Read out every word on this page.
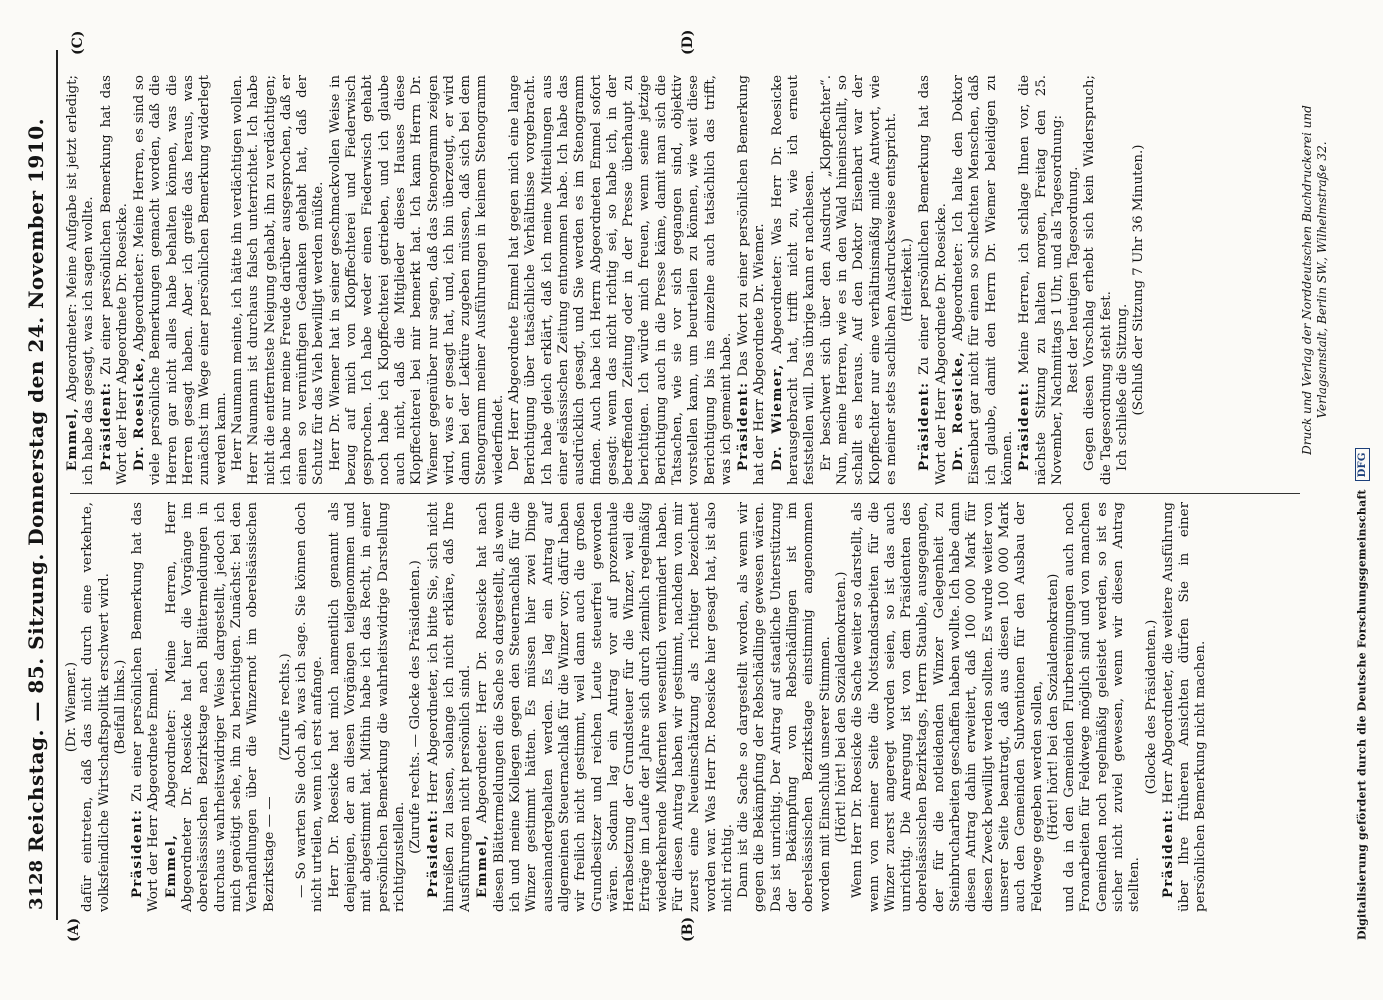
3128
Reichstag. — 85. Sitzung. Donnerstag den 24. November 1910.
(A)	(B)
(C)	(D)

(Dr. Wiemer.) dafür eintreten, daß das nicht durch eine verkehrte, volksfeindliche Wirtschaftspolitik erschwert wird. (Beifall links.)

Präsident: Zu einer persönlichen Bemerkung hat das Wort der Herr Abgeordnete Emmel. Emmel, Abgeordneter: Meine Herren, Herr Abgeordneter Dr. Roesicke hat hier die Vorgänge im oberelsässischen Bezirkstage nach Blättermeldungen in durchaus wahrheitswidriger Weise dargestellt, jedoch ich mich genötigt sehe, ihn zu berichtigen. Zunächst: bei den Verhandlungen über die Winzernot im oberelsässischen Bezirkstage — —

(Zurufe rechts.) — So warten Sie doch ab, was ich sage. Sie können doch nicht urteilen, wenn ich erst anfange. Herr Dr. Roesicke hat mich namentlich genannt als denjenigen, der an diesen Vorgängen teilgenommen und mit abgestimmt hat. Mithin habe ich das Recht, in einer persönlichen Bemerkung die wahrheitswidrige Darstellung richtigzustellen.

(Zurufe rechts. — Glocke des Präsidenten.) Präsident: Herr Abgeordneter, ich bitte Sie, sich nicht hinreißen zu lassen, solange ich nicht erkläre, daß Ihre Ausführungen nicht persönlich sind. Emmel, Abgeordneter: Herr Dr. Roesicke hat nach diesen Blättermeldungen die Sache so dargestellt, als wenn ich und meine Kollegen gegen den Steuernachlaß für die Winzer gestimmt hätten. Es müssen hier zwei Dinge auseinandergehalten werden. Es lag ein Antrag auf allgemeinen Steuernachlaß für die Winzer vor; dafür haben wir freilich nicht gestimmt, weil dann auch die großen Grundbesitzer und reichen Leute steuerfrei geworden wären. Sodann lag ein Antrag vor auf prozentuale Herabsetzung der Grundsteuer für die Winzer, weil die Erträge im Laufe der Jahre sich durch ziemlich regelmäßig wiederkehrende Mißernten wesentlich vermindert haben. Für diesen Antrag haben wir gestimmt, nachdem von mir zuerst eine Neueinschätzung als richtiger bezeichnet worden war. Was Herr Dr. Roesicke hier gesagt hat, ist also nicht richtig. Dann ist die Sache so dargestellt worden, als wenn wir gegen die Bekämpfung der Rebschädlinge gewesen wären. Das ist unrichtig. Der Antrag auf staatliche Unterstützung der Bekämpfung von Rebschädlingen ist im oberelsässischen Bezirkstage einstimmig angenommen worden mit Einschluß unserer Stimmen. (Hört! hört! bei den Sozialdemokraten.) Wenn Herr Dr. Roesicke die Sache weiter so darstellt, als wenn von meiner Seite die Notstandsarbeiten für die Winzer zuerst angeregt worden seien, so ist das auch unrichtig. Die Anregung ist von dem Präsidenten des oberelsässischen Bezirkstags, Herrn Stauble, ausgegangen, der für die notleidenden Winzer Gelegenheit zu Steinbrucharbeiten geschaffen haben wollte. Ich habe dann diesen Antrag dahin erweitert, daß 100 000 Mark für diesen Zweck bewilligt werden sollten. Es wurde weiter von unserer Seite beantragt, daß aus diesen 100 000 Mark auch den Gemeinden Subventionen für den Ausbau der Feldwege gegeben werden sollen, (Hört! hört! bei den Sozialdemokraten) und da in den Gemeinden Flurbereinigungen auch noch Fronarbeiten für Feldwege möglich sind und von manchen Gemeinden noch regelmäßig geleistet werden, so ist es sicher nicht zuviel gewesen, wenn wir diesen Antrag stellten.

(Glocke des Präsidenten.)

Präsident: Herr Abgeordneter, die weitere Ausführung über Ihre früheren Ansichten dürfen Sie in einer persönlichen Bemerkung nicht machen.

Emmel, Abgeordneter: Meine Aufgabe ist jetzt erledigt; ich habe das gesagt, was ich sagen wollte. Präsident: Zu einer persönlichen Bemerkung hat das Wort der Herr Abgeordnete Dr. Roesicke. Dr. Roesicke, Abgeordneter: Meine Herren, es sind so viele persönliche Bemerkungen gemacht worden, daß die Herren gar nicht alles habe behalten können, was die Herren gesagt haben. Aber ich greife das heraus, was zunächst im Wege einer persönlichen Bemerkung widerlegt werden kann. Herr Naumann meinte, ich hätte ihn verdächtigen wollen. Herr Naumann ist durchaus falsch unterrichtet. Ich habe nicht die entfernteste Neigung gehabt, ihn zu verdächtigen; ich habe nur meine Freude darüber ausgesprochen, daß er einen so vernünftigen Gedanken gehabt hat, daß der Schutz für das Vieh bewilligt werden müßte. Herr Dr. Wiemer hat in seiner geschmackvollen Weise in bezug auf mich von Klopffechterei und Fiederwisch gesprochen. Ich habe weder einen Fiederwisch gehabt noch habe ich Klopffechterei getrieben, und ich glaube auch nicht, daß die Mitglieder dieses Hauses diese Klopffechterei bei mir bemerkt hat. Ich kann Herrn Dr. Wiemer gegenüber nur sagen, daß das Stenogramm zeigen wird, was er gesagt hat, und, ich bin überzeugt, er wird dann bei der Lektüre zugeben müssen, daß sich bei dem Stenogramm meiner Ausführungen in keinem Stenogramm wiederfindet. Der Herr Abgeordnete Emmel hat gegen mich eine lange Berichtigung über tatsächliche Verhältnisse vorgebracht. Ich habe gleich erklärt, daß ich meine Mitteilungen aus einer elsässischen Zeitung entnommen habe. Ich habe das ausdrücklich gesagt, und Sie werden es im Stenogramm finden. Auch habe ich Herrn Abgeordneten Emmel sofort gesagt: wenn das nicht richtig sei, so habe ich, in der betreffenden Zeitung oder in der Presse überhaupt zu berichtigen. Ich würde mich freuen, wenn seine jetzige Berichtigung auch in die Presse käme, damit man sich die Tatsachen, wie sie vor sich gegangen sind, objektiv vorstellen kann, um beurteilen zu können, wie weit diese Berichtigung bis ins einzelne auch tatsächlich das trifft, was ich gemeint habe. Präsident: Das Wort zu einer persönlichen Bemerkung hat der Herr Abgeordnete Dr. Wiemer. Dr. Wiemer, Abgeordneter: Was Herr Dr. Roesicke herausgebracht hat, trifft nicht zu, wie ich erneut feststellen will. Das übrige kann er nachlesen. Er beschwert sich über den Ausdruck „Klopffechter“. Nun, meine Herren, wie es in den Wald hineinschallt, so schallt es heraus. Auf den Doktor Eisenbart war der Klopffechter nur eine verhältnismäßig milde Antwort, wie es meiner stets sachlichen Ausdrucksweise entspricht. (Heiterkeit.)

Präsident: Zu einer persönlichen Bemerkung hat das Wort der Herr Abgeordnete Dr. Roesicke. Dr. Roesicke, Abgeordneter: Ich halte den Doktor Eisenbart gar nicht für einen so schlechten Menschen, daß ich glaube, damit den Herrn Dr. Wiemer beleidigen zu können. Präsident: Meine Herren, ich schlage Ihnen vor, die nächste Sitzung zu halten morgen, Freitag den 25. November, Nachmittags 1 Uhr, und als Tagesordnung: Rest der heutigen Tagesordnung. Gegen diesen Vorschlag erhebt sich kein Widerspruch; die Tagesordnung steht fest. Ich schließe die Sitzung. (Schluß der Sitzung 7 Uhr 36 Minuten.)	Druck und Verlag der Norddeutschen Buchdruckerei und Verlagsanstalt, Berlin SW., Wilhelmstraße 32.
Digitalisierung gefördert durch die Deutsche ForschungsgemeinschaftDFG
